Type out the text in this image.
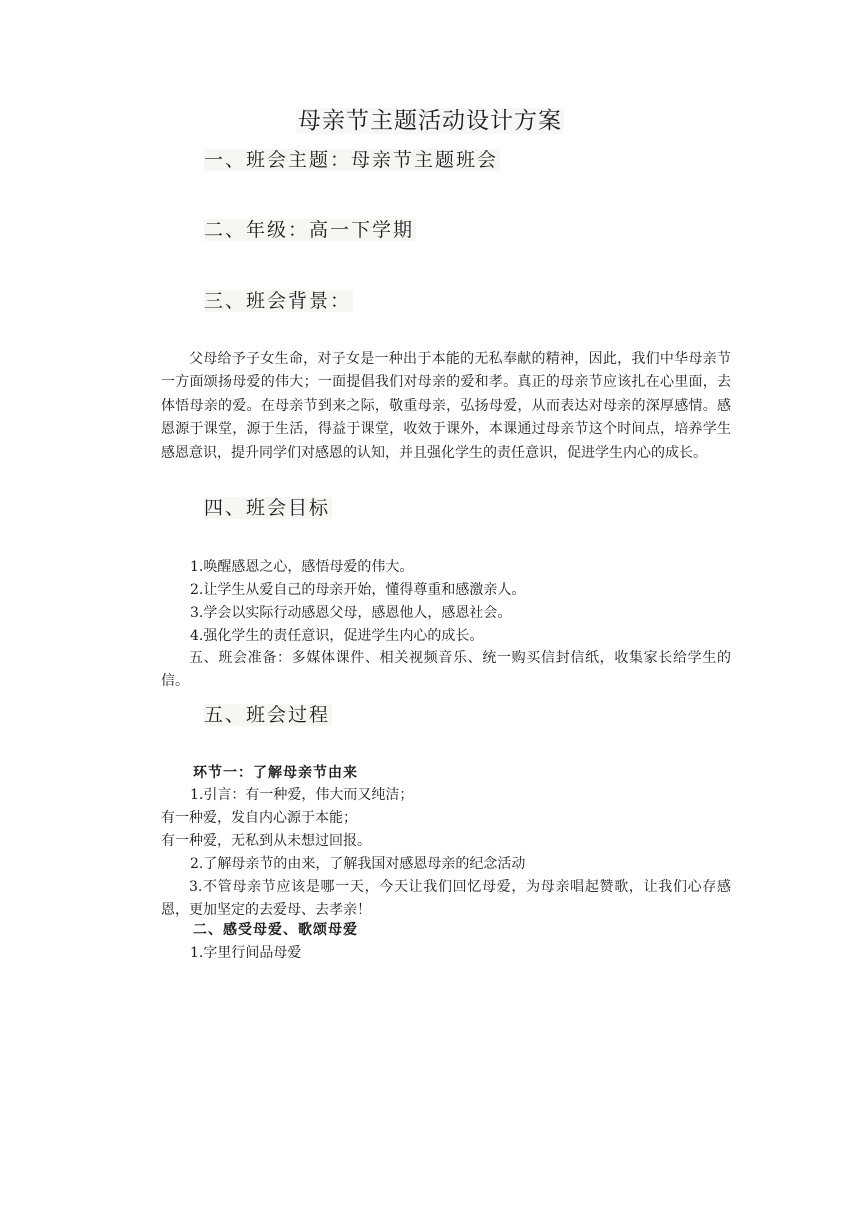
母亲节主题活动设计方案
一、班会主题：母亲节主题班会
二、年级：高一下学期
三、班会背景：

父母给予子女生命，对子女是一种出于本能的无私奉献的精神，因此，我们中华母亲节一方面颂扬母爱的伟大；一面提倡我们对母亲的爱和孝。真正的母亲节应该扎在心里面，去体悟母亲的爱。在母亲节到来之际，敬重母亲，弘扬母爱，从而表达对母亲的深厚感情。感恩源于课堂，源于生活，得益于课堂，收效于课外，本课通过母亲节这个时间点，培养学生感恩意识，提升同学们对感恩的认知，并且强化学生的责任意识，促进学生内心的成长。

四、班会目标
1.唤醒感恩之心，感悟母爱的伟大。
2.让学生从爱自己的母亲开始，懂得尊重和感激亲人。
3.学会以实际行动感恩父母，感恩他人，感恩社会。
4.强化学生的责任意识，促进学生内心的成长。

五、班会准备：多媒体课件、相关视频音乐、统一购买信封信纸，收集家长给学生的信。

五、班会过程
环节一：了解母亲节由来
1.引言：有一种爱，伟大而又纯洁；
有一种爱，发自内心源于本能；
有一种爱，无私到从未想过回报。
2.了解母亲节的由来，了解我国对感恩母亲的纪念活动

3.不管母亲节应该是哪一天，今天让我们回忆母爱，为母亲唱起赞歌，让我们心存感恩，更加坚定的去爱母、去孝亲！

二、感受母爱、歌颂母爱
1.字里行间品母爱
